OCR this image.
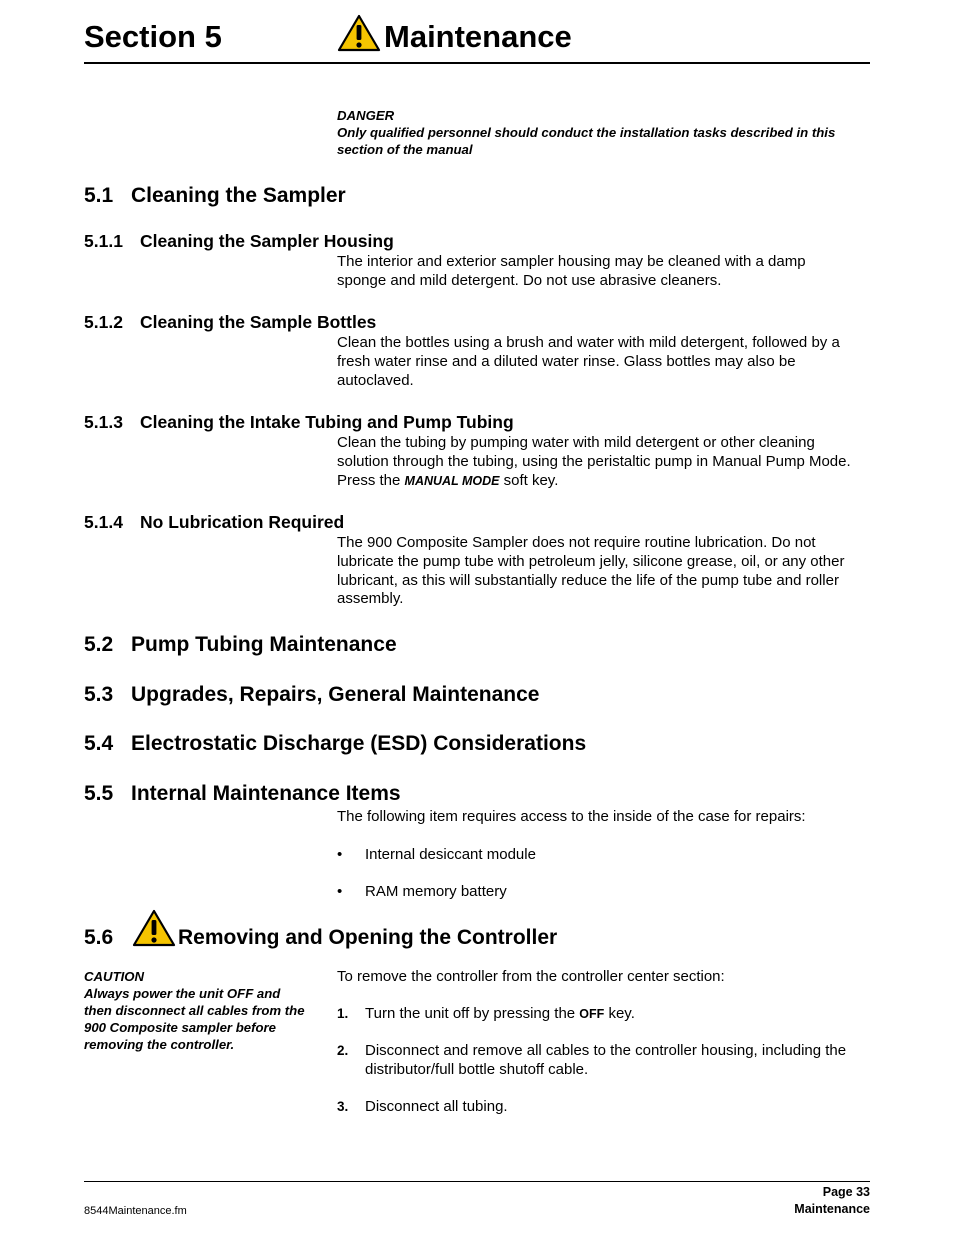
Section 5	Maintenance
DANGER
Only qualified personnel should conduct the installation tasks described in this section of the manual
5.1 Cleaning the Sampler
5.1.1 Cleaning the Sampler Housing
The interior and exterior sampler housing may be cleaned with a damp sponge and mild detergent. Do not use abrasive cleaners.
5.1.2 Cleaning the Sample Bottles
Clean the bottles using a brush and water with mild detergent, followed by a fresh water rinse and a diluted water rinse. Glass bottles may also be autoclaved.
5.1.3 Cleaning the Intake Tubing and Pump Tubing
Clean the tubing by pumping water with mild detergent or other cleaning solution through the tubing, using the peristaltic pump in Manual Pump Mode. Press the MANUAL MODE soft key.
5.1.4 No Lubrication Required
The 900 Composite Sampler does not require routine lubrication. Do not lubricate the pump tube with petroleum jelly, silicone grease, oil, or any other lubricant, as this will substantially reduce the life of the pump tube and roller assembly.
5.2 Pump Tubing Maintenance
5.3 Upgrades, Repairs, General Maintenance
5.4 Electrostatic Discharge (ESD) Considerations
5.5 Internal Maintenance Items
The following item requires access to the inside of the case for repairs:
•	Internal desiccant module
•	RAM memory battery
5.6	Removing and Opening the Controller
CAUTION
Always power the unit OFF and then disconnect all cables from the 900 Composite sampler before removing the controller.
To remove the controller from the controller center section:
1.	Turn the unit off by pressing the OFF key.
2.	Disconnect and remove all cables to the controller housing, including the distributor/full bottle shutoff cable.
3.	Disconnect all tubing.
Page 33
8544Maintenance.fm	Maintenance
